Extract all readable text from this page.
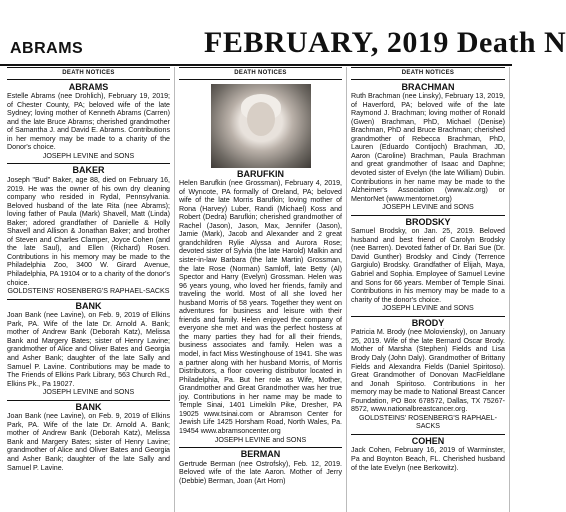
ABRAMS	FEBRUARY, 2019 Death N
DEATH NOTICES
ABRAMS
Estelle Abrams (nee Drohlich), February 19, 2019; of Chester County, PA; beloved wife of the late Sydney; loving mother of Kenneth Abrams (Carren) and the late Bruce Abrams; cherished grandmother of Samantha J. and David E. Abrams. Contributions in her memory may be made to a charity of the Donor's choice.
JOSEPH LEVINE and SONS
BAKER
Joseph "Bud" Baker, age 88, died on February 16, 2019. He was the owner of his own dry cleaning company who resided in Rydal, Pennsylvania. Beloved husband of the late Rita (nee Abrams); loving father of Paula (Mark) Shavell, Matt (Linda) Baker; adored grandfather of Danielle & Holly Shavell and Allison & Jonathan Baker; and brother of Steven and Charles Clamper, Joyce Cohen (and the late Saul), and Ellen (Richard) Rosen. Contributions in his memory may be made to the Philadelphia Zoo, 3400 W. Girard Avenue, Philadelphia, PA 19104 or to a charity of the donor's choice.
GOLDSTEINS' ROSENBERG'S RAPHAEL-SACKS
BANK
Joan Bank (nee Lavine), on Feb. 9, 2019 of Elkins Park, PA. Wife of the late Dr. Arnold A. Bank; mother of Andrew Bank (Deborah Katz), Melissa Bank and Margery Bates; sister of Henry Lavine; grandmother of Alice and Oliver Bates and Georgia and Asher Bank; daughter of the late Sally and Samuel P. Lavine. Contributions may be made to The Friends of Elkins Park Library, 563 Church Rd., Elkins Pk., Pa 19027.
JOSEPH LEVINE and SONS
BANK
Joan Bank (nee Lavine), on Feb. 9, 2019 of Elkins Park, PA. Wife of the late Dr. Arnold A. Bank; mother of Andrew Bank (Deborah Katz), Melissa Bank and Margery Bates; sister of Henry Lavine; grandmother of Alice and Oliver Bates and Georgia and Asher Bank; daughter of the late Sally and Samuel P. Lavine.
DEATH NOTICES
BARUFKIN
Helen Barufkin (nee Grossman), February 4, 2019, of Wyncote, PA formally of Oreland, PA; beloved wife of the late Morris Barufkin; loving mother of Rona (Harvey) Luber, Randi (Michael) Koss and Robert (Dedra) Barufkin; cherished grandmother of Rachel (Jason), Jason, Max, Jennifer (Jason), Jamie (Mark), Jacob and Alexander and 2 great grandchildren Rylie Alyssa and Aurora Rose; devoted sister of Sylvia (the late Harold) Malkin and sister-in-law Barbara (the late Martin) Grossman, the late Rose (Norman) Samloff, late Betty (Al) Spector and Harry (Evelyn) Grossman. Helen was 96 years young, who loved her friends, family and traveling the world. Most of all she loved her husband Morris of 58 years. Together they went on adventures for business and leisure with their friends and family. Helen enjoyed the company of everyone she met and was the perfect hostess at the many parties they had for all their friends, business associates and family. Helen was a model, in fact Miss Westinghouse of 1941. She was a partner along with her husband Morris, of Morris Distributors, a floor covering distributor located in Philadelphia, Pa. But her role as Wife, Mother, Grandmother and Great Grandmother was her true joy. Contributions in her name may be made to Temple Sinai, 1401 Limekiln Pike, Dresher, PA 19025 www.tsinai.com or Abramson Center for Jewish Life 1425 Horsham Road, North Wales, Pa. 19454 www.abramsoncenter.org
JOSEPH LEVINE and SONS
BERMAN
Gertrude Berman (nee Ostrofsky), Feb. 12, 2019. Beloved wife of the late Aaron. Mother of Jerry (Debbie) Berman, Joan (Art Horn)
DEATH NOTICES
BRACHMAN
Ruth Brachman (nee Linsky), February 13, 2019, of Haverford, PA; beloved wife of the late Raymond J. Brachman; loving mother of Ronald (Gwen) Brachman, PhD, Michael (Denise) Brachman, PhD and Bruce Brachman; cherished grandmother of Rebecca Brachman, PhD, Lauren (Eduardo Contijoch) Brachman, JD, Aaron (Caroline) Brachman, Paula Brachman and great grandmother of Isaac and Daphne; devoted sister of Evelyn (the late William) Dubin. Contributions in her name may be made to the Alzheimer's Association (www.alz.org) or MentorNet (www.mentornet.org)
JOSEPH LEVINE and SONS
BRODSKY
Samuel Brodsky, on Jan. 25, 2019. Beloved husband and best friend of Carolyn Brodsky (nee Barren). Devoted father of Dr. Bari Sue (Dr. David Gunther) Brodsky and Cindy (Terrence Gargiulo) Brodsky. Grandfather of Elijah, Maya, Gabriel and Sophia. Employee of Samuel Levine and Sons for 66 years. Member of Temple Sinai. Contributions in his memory may be made to a charity of the donor's choice.
JOSEPH LEVINE and SONS
BRODY
Patricia M. Brody (nee Moloviensky), on January 25, 2019. Wife of the late Bernard Oscar Brody. Mother of Marsha (Stephen) Fields and Lisa Brody Daly (John Daly). Grandmother of Brittany Fields and Alexandra Fields (Daniel Spiritoso). Great Grandmother of Donovan MacFieldlane and Jonah Spiritoso. Contributions in her memory may be made to National Breast Cancer Foundation, PO Box 678572, Dallas, TX 75267-8572, www.nationalbreastcancer.org.
GOLDSTEINS' ROSENBERG'S RAPHAEL-SACKS
COHEN
Jack Cohen, February 16, 2019 of Warminster, Pa and Boynton Beach, FL. Cherished husband of the late Evelyn (nee Berkowitz).
